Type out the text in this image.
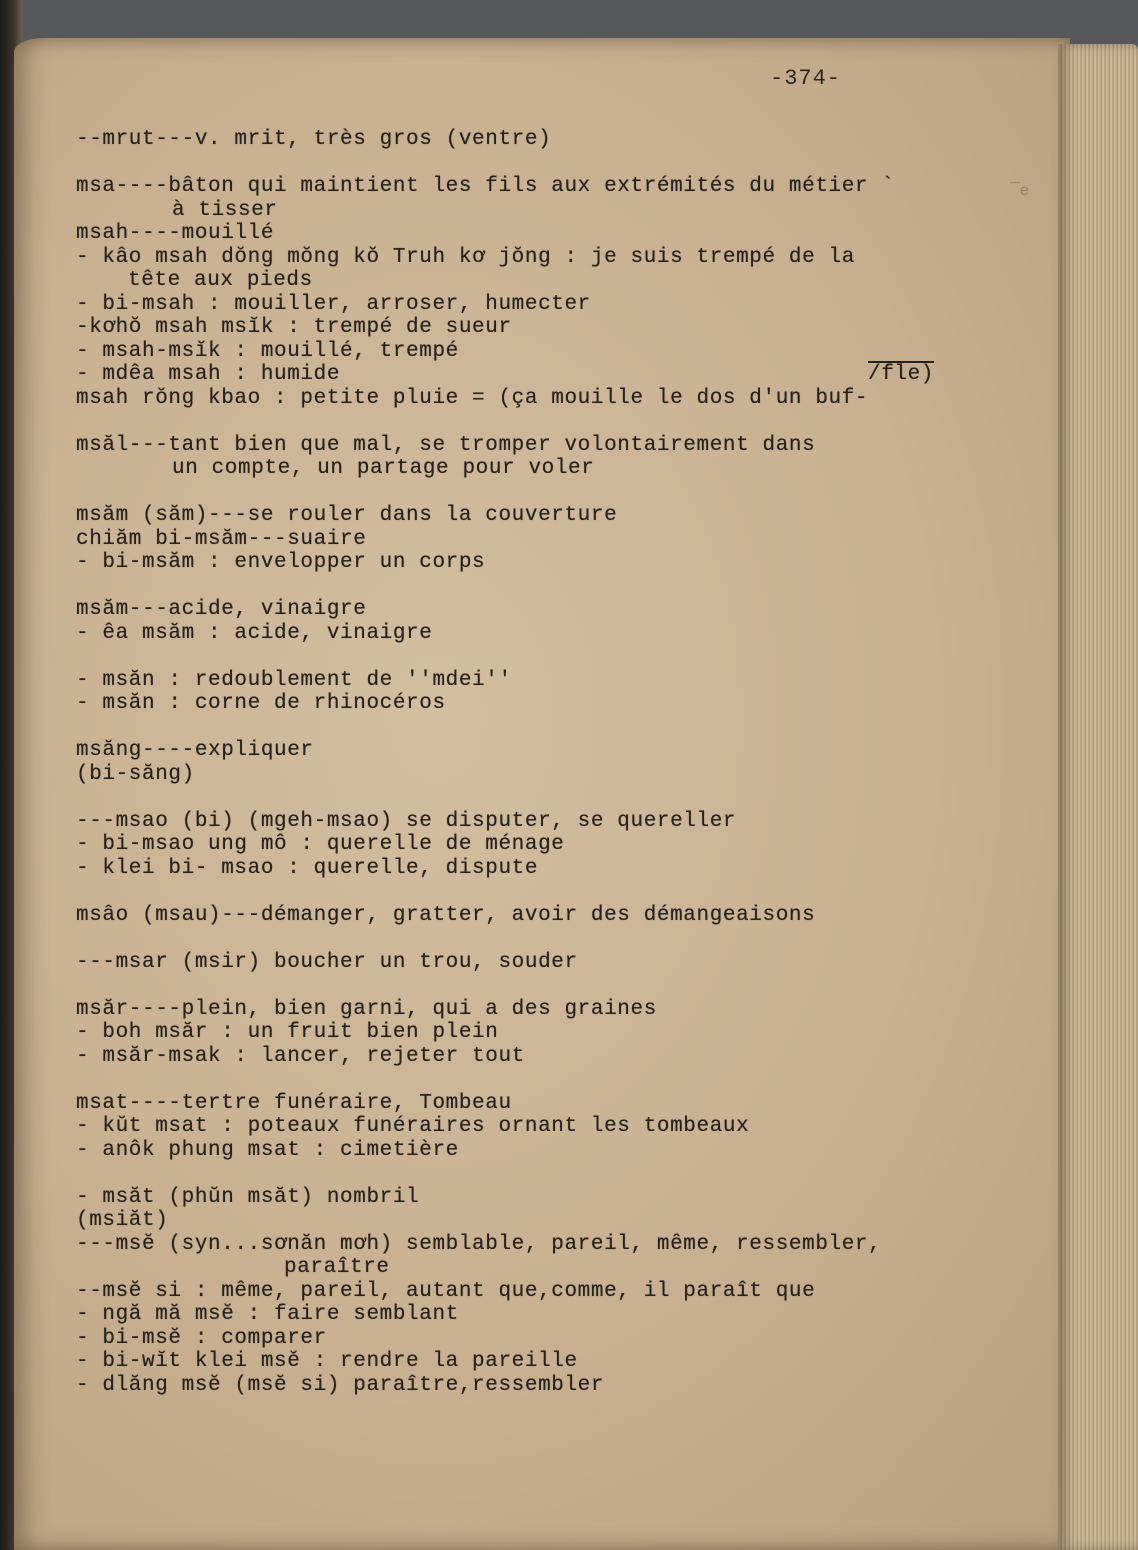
-374-
¯e
--mrut---v. mrit, très gros (ventre)
msa----bâton qui maintient les fils aux extrémités du métier `
à tisser
msah----mouillé
- kâo msah dŏng mŏng kŏ Truh kơ jŏng : je suis trempé de la
tête aux pieds
- bi-msah : mouiller, arroser, humecter
-kơhŏ msah msĭk : trempé de sueur
- msah-msĭk : mouillé, trempé
- mdêa msah : humide	/fle)
msah rŏng kbao : petite pluie = (ça mouille le dos d'un buf-
msăl---tant bien que mal, se tromper volontairement dans
un compte, un partage pour voler
msăm (săm)---se rouler dans la couverture
chiăm bi-msăm---suaire
- bi-msăm : envelopper un corps
msăm---acide, vinaigre
- êa msăm : acide, vinaigre
- msăn : redoublement de ''mdei''
- msăn : corne de rhinocéros
msăng----expliquer
(bi-săng)
---msao (bi) (mgeh-msao) se disputer, se quereller
- bi-msao ung mô : querelle de ménage
- klei bi- msao : querelle, dispute
msâo (msau)---démanger, gratter, avoir des démangeaisons
---msar (msir) boucher un trou, souder
msăr----plein, bien garni, qui a des graines
- boh msăr : un fruit bien plein
- msăr-msak : lancer, rejeter tout
msat----tertre funéraire, Tombeau
- kŭt msat : poteaux funéraires ornant les tombeaux
- anôk phung msat : cimetière
- msăt (phŭn msăt) nombril
(msiăt)
---msĕ (syn...sơnăn mơh) semblable, pareil, même, ressembler,
paraître
--msĕ si : même, pareil, autant que,comme, il paraît que
- ngă mă msĕ : faire semblant
- bi-msĕ : comparer
- bi-wĭt klei msĕ : rendre la pareille
- dlăng msĕ (msĕ si) paraître,ressembler
